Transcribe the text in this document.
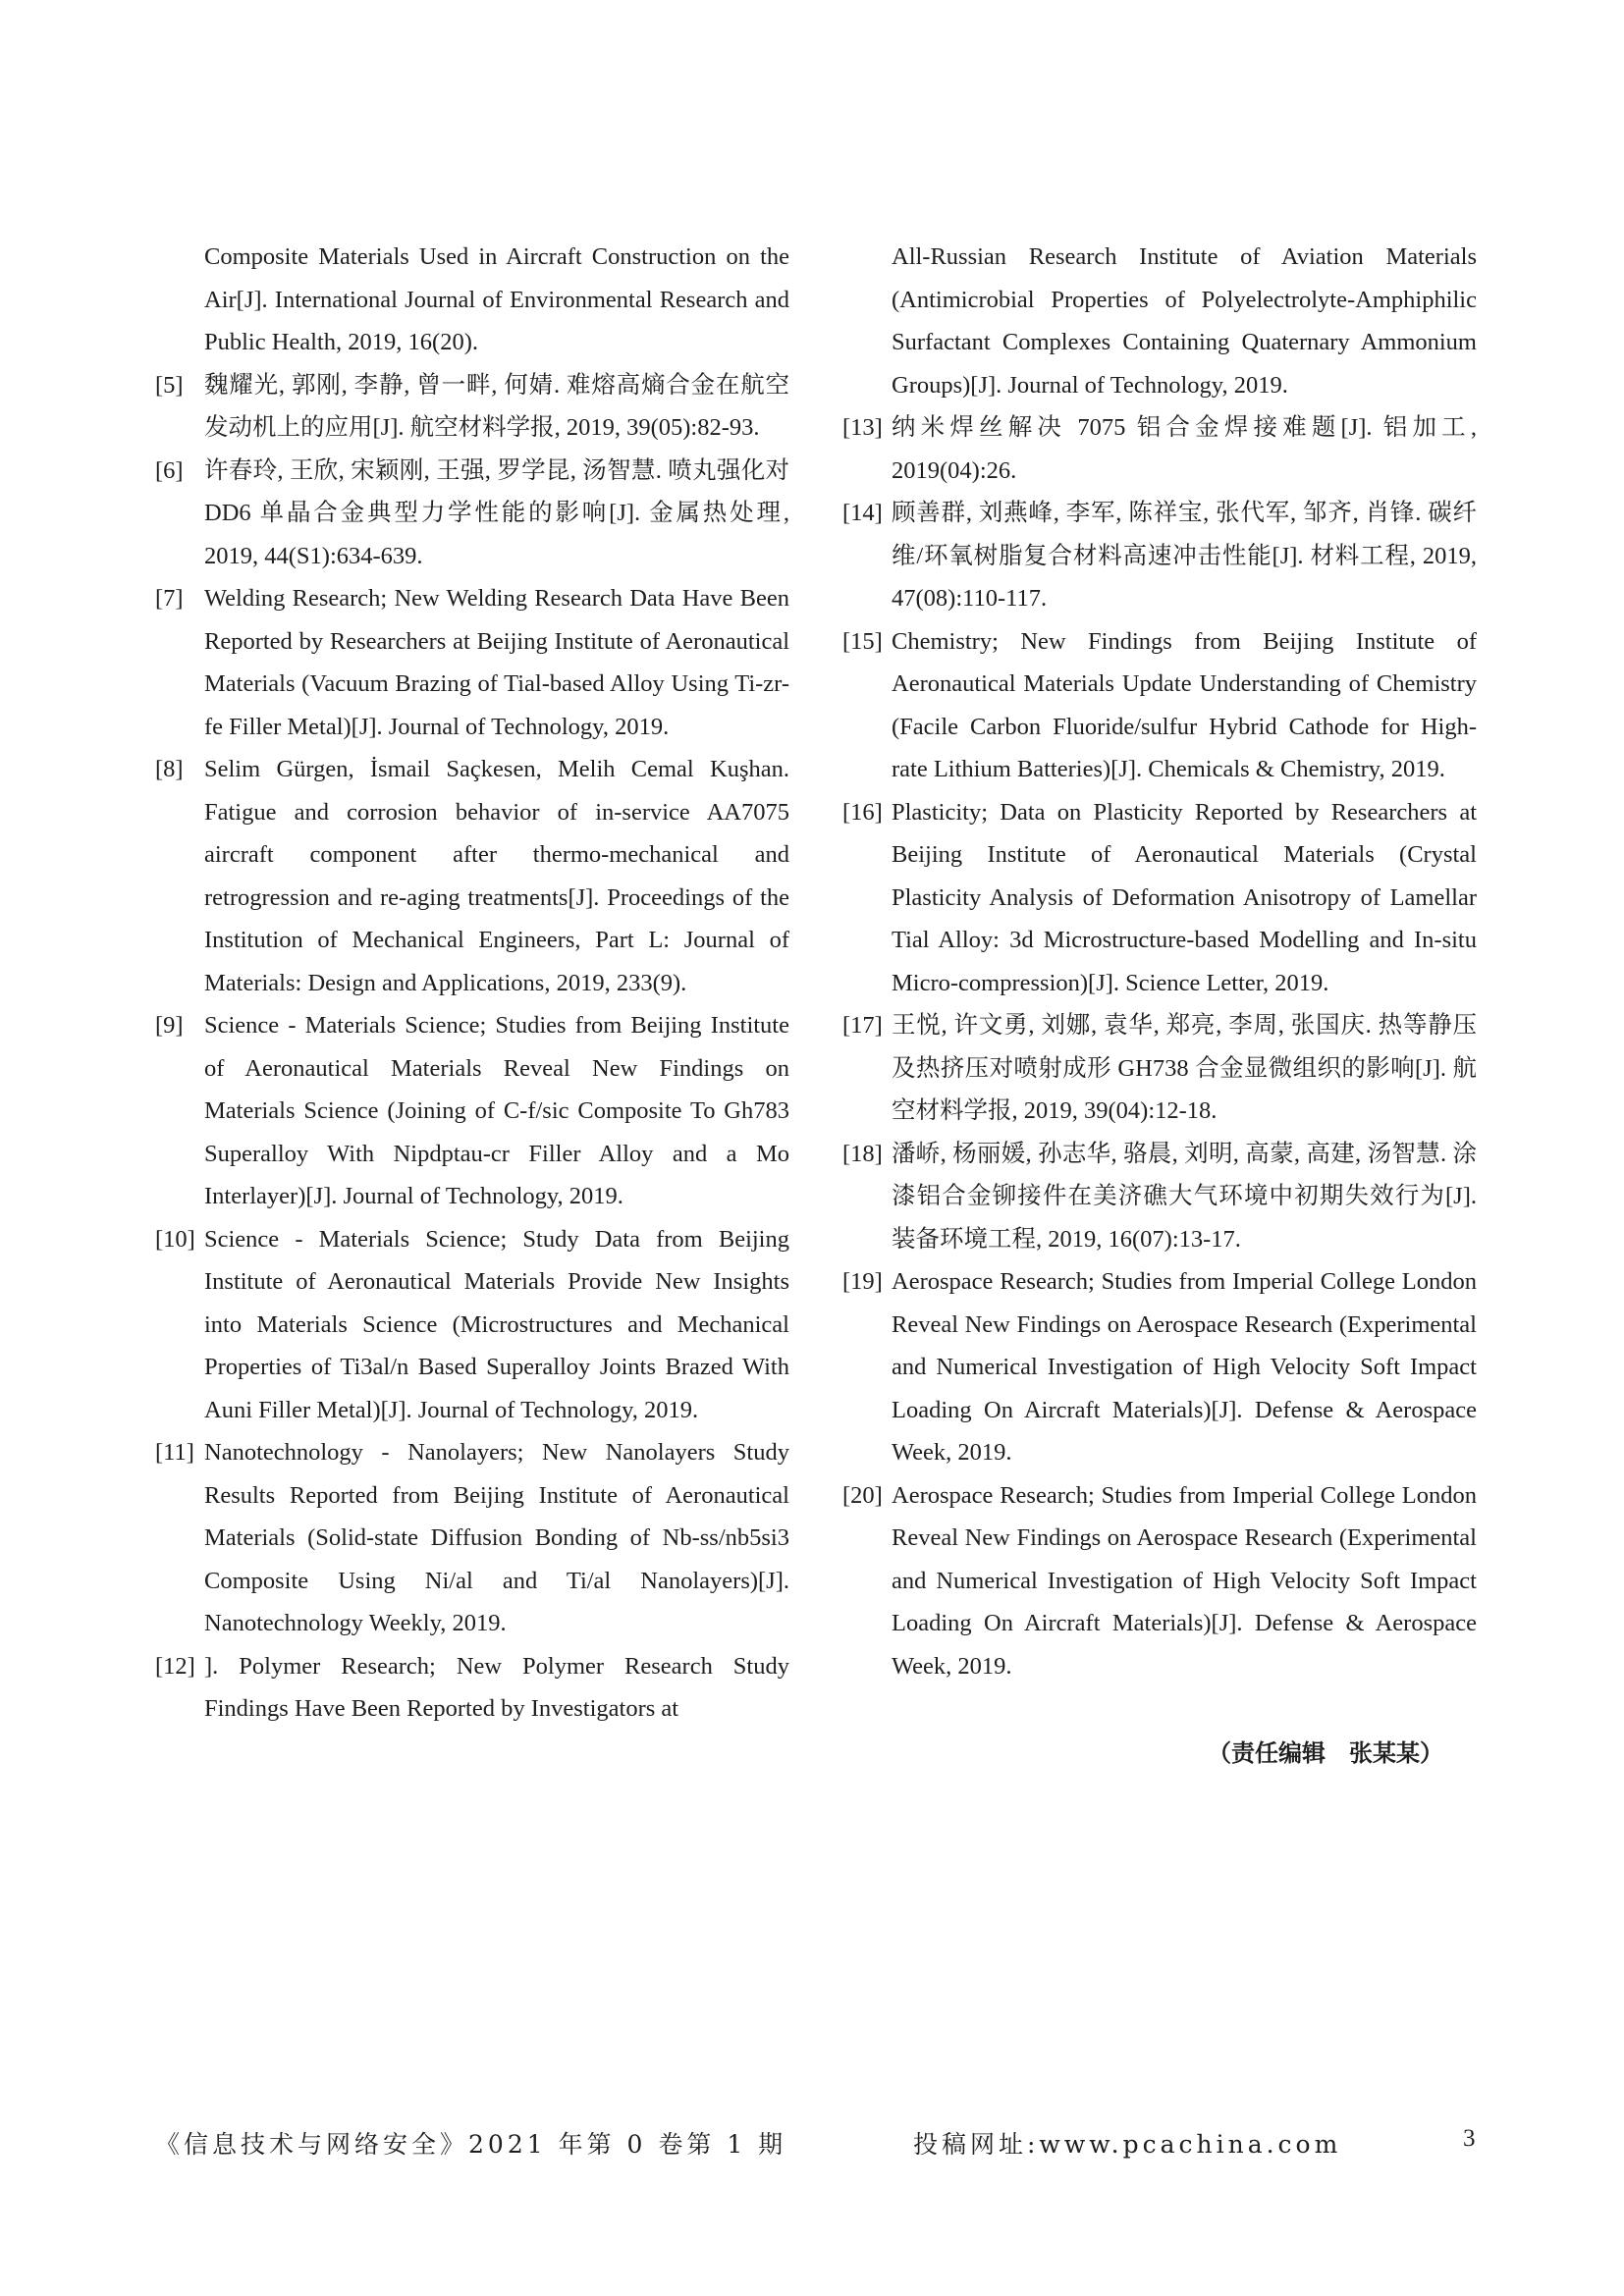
Composite Materials Used in Aircraft Construction on the Air[J]. International Journal of Environmental Research and Public Health, 2019, 16(20).
[5] 魏耀光, 郭刚, 李静, 曾一畔, 何婧. 难熔高熵合金在航空发动机上的应用[J]. 航空材料学报, 2019, 39(05):82-93.
[6] 许春玲, 王欣, 宋颖刚, 王强, 罗学昆, 汤智慧. 喷丸强化对 DD6 单晶合金典型力学性能的影响[J]. 金属热处理, 2019, 44(S1):634-639.
[7] Welding Research; New Welding Research Data Have Been Reported by Researchers at Beijing Institute of Aeronautical Materials (Vacuum Brazing of Tial-based Alloy Using Ti-zr-fe Filler Metal)[J]. Journal of Technology, 2019.
[8] Selim Gürgen, İsmail Saçkesen, Melih Cemal Kuşhan. Fatigue and corrosion behavior of in-service AA7075 aircraft component after thermo-mechanical and retrogression and re-aging treatments[J]. Proceedings of the Institution of Mechanical Engineers, Part L: Journal of Materials: Design and Applications, 2019, 233(9).
[9] Science - Materials Science; Studies from Beijing Institute of Aeronautical Materials Reveal New Findings on Materials Science (Joining of C-f/sic Composite To Gh783 Superalloy With Nipdptau-cr Filler Alloy and a Mo Interlayer)[J]. Journal of Technology, 2019.
[10] Science - Materials Science; Study Data from Beijing Institute of Aeronautical Materials Provide New Insights into Materials Science (Microstructures and Mechanical Properties of Ti3al/n Based Superalloy Joints Brazed With Auni Filler Metal)[J]. Journal of Technology, 2019.
[11] Nanotechnology - Nanolayers; New Nanolayers Study Results Reported from Beijing Institute of Aeronautical Materials (Solid-state Diffusion Bonding of Nb-ss/nb5si3 Composite Using Ni/al and Ti/al Nanolayers)[J]. Nanotechnology Weekly, 2019.
[12] ]. Polymer Research; New Polymer Research Study Findings Have Been Reported by Investigators at
All-Russian Research Institute of Aviation Materials (Antimicrobial Properties of Polyelectrolyte-Amphiphilic Surfactant Complexes Containing Quaternary Ammonium Groups)[J]. Journal of Technology, 2019.
[13] 纳米焊丝解决 7075 铝合金焊接难题[J]. 铝加工, 2019(04):26.
[14] 顾善群, 刘燕峰, 李军, 陈祥宝, 张代军, 邹齐, 肖锋. 碳纤维/环氧树脂复合材料高速冲击性能[J]. 材料工程, 2019, 47(08):110-117.
[15] Chemistry; New Findings from Beijing Institute of Aeronautical Materials Update Understanding of Chemistry (Facile Carbon Fluoride/sulfur Hybrid Cathode for High-rate Lithium Batteries)[J]. Chemicals & Chemistry, 2019.
[16] Plasticity; Data on Plasticity Reported by Researchers at Beijing Institute of Aeronautical Materials (Crystal Plasticity Analysis of Deformation Anisotropy of Lamellar Tial Alloy: 3d Microstructure-based Modelling and In-situ Micro-compression)[J]. Science Letter, 2019.
[17] 王悦, 许文勇, 刘娜, 袁华, 郑亮, 李周, 张国庆. 热等静压及热挤压对喷射成形 GH738 合金显微组织的影响[J]. 航空材料学报, 2019, 39(04):12-18.
[18] 潘峤, 杨丽媛, 孙志华, 骆晨, 刘明, 高蒙, 高建, 汤智慧. 涂漆铝合金铆接件在美济礁大气环境中初期失效行为[J]. 装备环境工程, 2019, 16(07):13-17.
[19] Aerospace Research; Studies from Imperial College London Reveal New Findings on Aerospace Research (Experimental and Numerical Investigation of High Velocity Soft Impact Loading On Aircraft Materials)[J]. Defense & Aerospace Week, 2019.
[20] Aerospace Research; Studies from Imperial College London Reveal New Findings on Aerospace Research (Experimental and Numerical Investigation of High Velocity Soft Impact Loading On Aircraft Materials)[J]. Defense & Aerospace Week, 2019.
（责任编辑　张某某）
《信息技术与网络安全》2021 年第 0 卷第 1 期	投稿网址:www.pcachina.com	3
